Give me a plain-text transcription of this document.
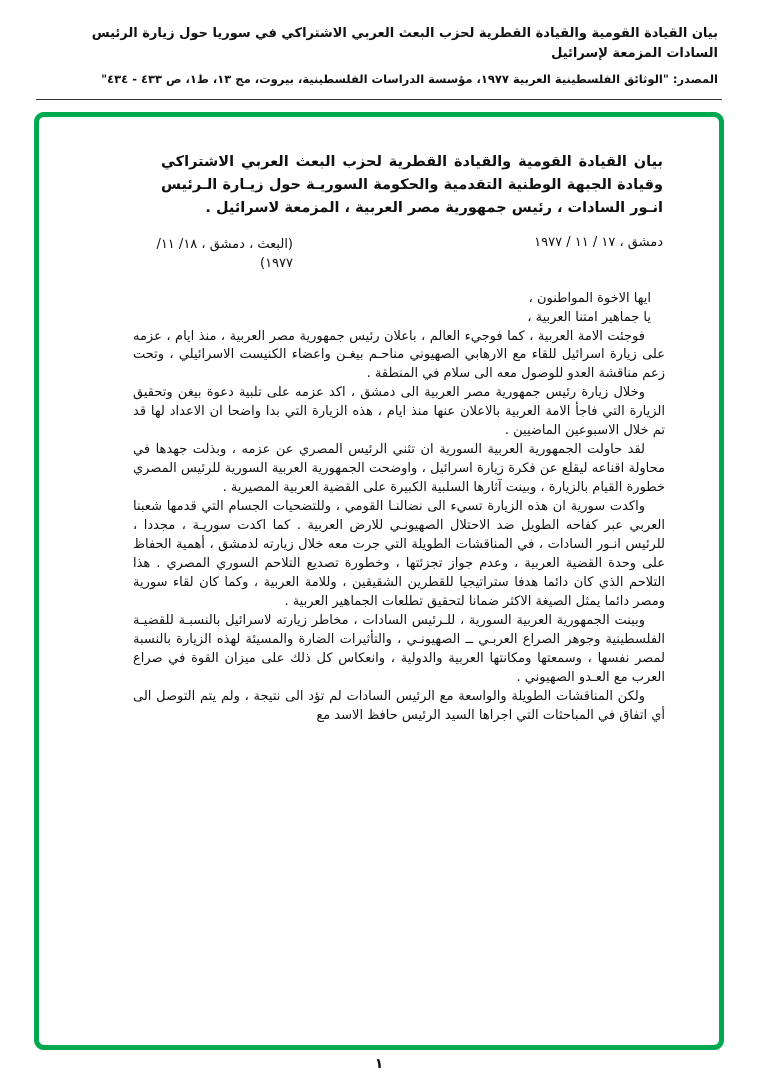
بيان القيادة القومية والقيادة القطرية لحزب البعث العربي الاشتراكي في سوريا حول زيارة الرئيس السادات المزمعة لإسرائيل
المصدر: "الوثائق الفلسطينية العربية ١٩٧٧، مؤسسة الدراسات الفلسطينية، بيروت، مج ١٣، ط١، ص ٤٣٣ - ٤٣٤"
بيان القيادة القومية والقيادة القطرية لحزب البعث العربي الاشتراكي وقيادة الجبهة الوطنية التقدمية والحكومة السوريـة حول زيـارة الـرئيس انـور السادات ، رئيس جمهورية مصر العربية ، المزمعة لاسرائيل .
دمشق ، ١٧ / ١١ / ١٩٧٧
(البعث ، دمشق ، ١٨/ ١١/ ١٩٧٧)

ايها الاخوة المواطنون ،

يا جماهير امتنا العربية ،

فوجئت الامة العربية ، كما فوجيء العالم ، باعلان رئيس جمهورية مصر العربية ، منذ ايام ، عزمه على زيارة اسرائيل للقاء مع الارهابي الصهيوني مناحـم بيغـن واعضاء الكنيست الاسرائيلي ، وتحت زعم مناقشة العدو للوصول معه الى سلام في المنطقة .

وخلال زيارة رئيس جمهورية مصر العربية الى دمشق ، اكد عزمه على تلبية دعوة بيغن وتحقيق الزيارة التي فاجأ الامة العربية بالاعلان عنها منذ ايام ، هذه الزيارة التي بدا واضحا ان الاعداد لها قد تم خلال الاسبوعين الماضيين .

لقد حاولت الجمهورية العربية السورية ان تثني الرئيس المصري عن عزمه ، وبذلت جهدها في محاولة اقناعه ليقلع عن فكرة زيارة اسرائيل ، واوضحت الجمهورية العربية السورية للرئيس المصري خطورة القيام بالزيارة ، وبينت آثارها السلبية الكبيرة على القضية العربية المصيرية .

واكدت سورية ان هذه الزيارة تسيء الى نضالنـا القومي ، وللتضحيات الجسام التي قدمها شعبنا العربي عبر كفاحه الطويل ضد الاحتلال الصهيونـي للارض العربية . كما اكدت سوريـة ، مجددا ، للرئيس انـور السادات ، في المناقشات الطويلة التي جرت معه خلال زيارته لدمشق ، أهمية الحفاظ على وحدة القضية العربية ، وعدم جواز تجزئتها ، وخطورة تصديع التلاحم السوري المصري . هذا التلاحم الذي كان دائما هدفا ستراتيجيا للقطرين الشقيقين ، وللامة العربية ، وكما كان لقاء سورية ومصر دائما يمثل الصيغة الاكثر ضمانا لتحقيق تطلعات الجماهير العربية .

وبينت الجمهورية العربية السورية ، للـرئيس السادات ، مخاطر زيارته لاسرائيل بالنسبـة للقضيـة الفلسطينية وجوهر الصراع العربـي ــ الصهيونـي ، والتأثيرات الضارة والمسيئة لهذه الزيارة بالنسبة لمصر نفسها ، وسمعتها ومكانتها العربية والدولية ، وانعكاس كل ذلك على ميزان القوة في صراع العرب مع العـدو الصهيوني .

ولكن المناقشات الطويلة والواسعة مع الرئيس السادات لم تؤد الى نتيجة ، ولم يتم التوصل الى أي اتفاق في المباحثات التي اجراها السيد الرئيس حافظ الاسد مع

١
